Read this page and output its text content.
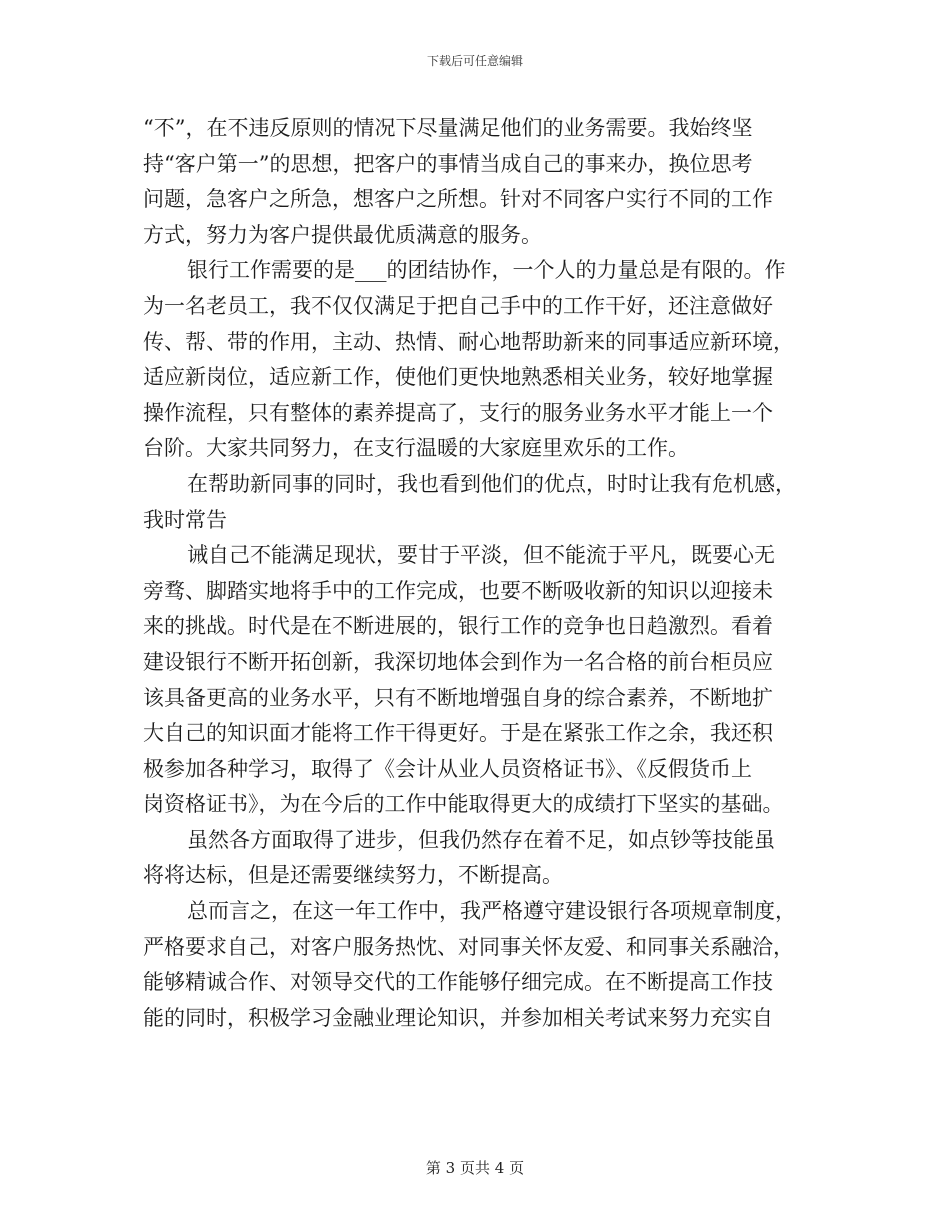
下载后可任意编辑
“不”，在不违反原则的情况下尽量满足他们的业务需要。我始终坚
持“客户第一”的思想，把客户的事情当成自己的事来办，换位思考
问题，急客户之所急，想客户之所想。针对不同客户实行不同的工作
方式，努力为客户提供最优质满意的服务。
银行工作需要的是___的团结协作，一个人的力量总是有限的。作
为一名老员工，我不仅仅满足于把自己手中的工作干好，还注意做好
传、帮、带的作用，主动、热情、耐心地帮助新来的同事适应新环境，
适应新岗位，适应新工作，使他们更快地熟悉相关业务，较好地掌握
操作流程，只有整体的素养提高了，支行的服务业务水平才能上一个
台阶。大家共同努力，在支行温暖的大家庭里欢乐的工作。
在帮助新同事的同时，我也看到他们的优点，时时让我有危机感，
我时常告
诫自己不能满足现状，要甘于平淡，但不能流于平凡，既要心无
旁骛、脚踏实地将手中的工作完成，也要不断吸收新的知识以迎接未
来的挑战。时代是在不断进展的，银行工作的竞争也日趋激烈。看着
建设银行不断开拓创新，我深切地体会到作为一名合格的前台柜员应
该具备更高的业务水平，只有不断地增强自身的综合素养，不断地扩
大自己的知识面才能将工作干得更好。于是在紧张工作之余，我还积
极参加各种学习，取得了《会计从业人员资格证书》、《反假货币上
岗资格证书》，为在今后的工作中能取得更大的成绩打下坚实的基础。
虽然各方面取得了进步，但我仍然存在着不足，如点钞等技能虽
将将达标，但是还需要继续努力，不断提高。
总而言之，在这一年工作中，我严格遵守建设银行各项规章制度，
严格要求自己，对客户服务热忱、对同事关怀友爱、和同事关系融洽，
能够精诚合作、对领导交代的工作能够仔细完成。在不断提高工作技
能的同时，积极学习金融业理论知识，并参加相关考试来努力充实自
第 3 页共 4 页
